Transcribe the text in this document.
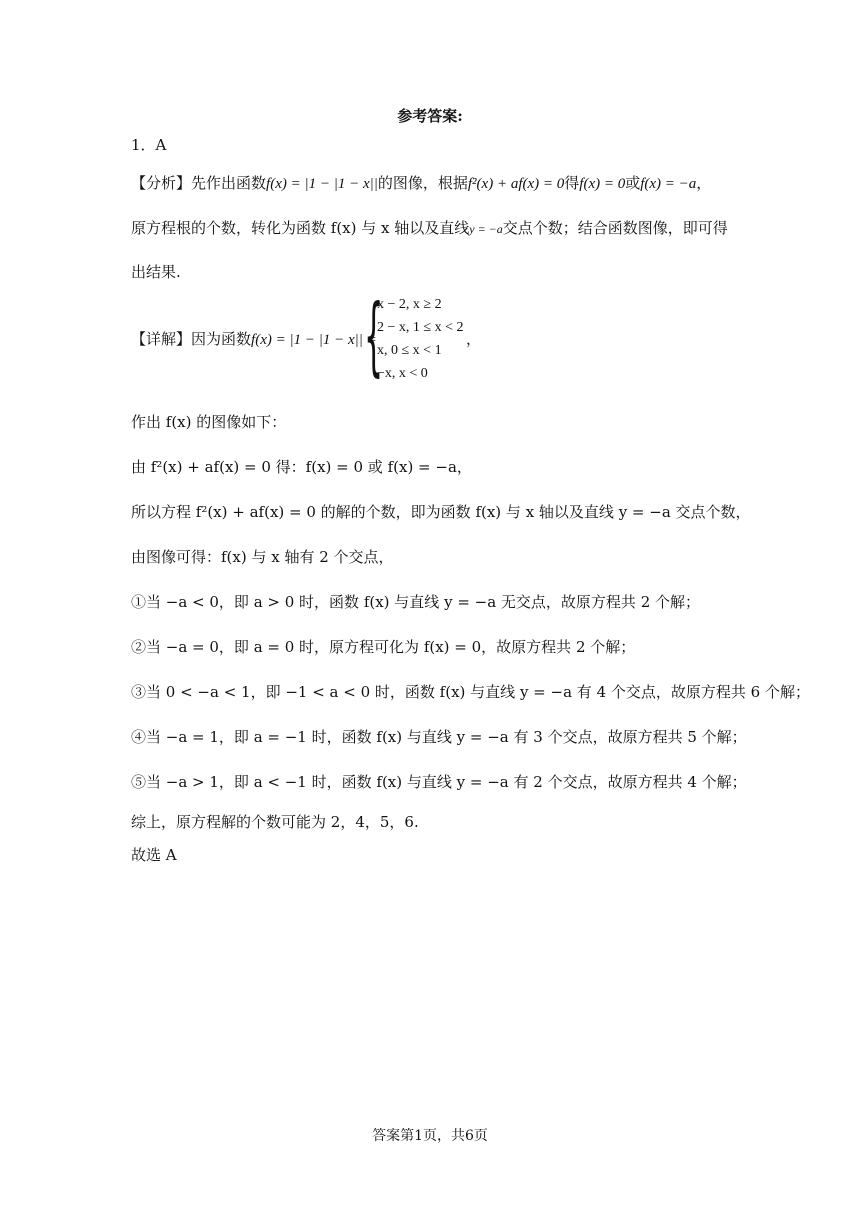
参考答案:
1．A
【分析】先作出函数f(x) = |1 − |1 − x||的图像，根据f²(x) + af(x) = 0得f(x) = 0或f(x) = −a，
原方程根的个数，转化为函数 f(x) 与 x 轴以及直线y = −a交点个数；结合函数图像，即可得
出结果.
【详解】因为函数f(x) = |1 − |1 − x|| =
{
x − 2, x ≥ 2
2 − x, 1 ≤ x < 2
x, 0 ≤ x < 1
−x, x < 0
，
作出 f(x) 的图像如下：
由 f²(x) + af(x) = 0 得：f(x) = 0 或 f(x) = −a，
所以方程 f²(x) + af(x) = 0 的解的个数，即为函数 f(x) 与 x 轴以及直线 y = −a 交点个数，
由图像可得：f(x) 与 x 轴有 2 个交点，
①当 −a < 0，即 a > 0 时，函数 f(x) 与直线 y = −a 无交点，故原方程共 2 个解；
②当 −a = 0，即 a = 0 时，原方程可化为 f(x) = 0，故原方程共 2 个解；
③当 0 < −a < 1，即 −1 < a < 0 时，函数 f(x) 与直线 y = −a 有 4 个交点，故原方程共 6 个解；
④当 −a = 1，即 a = −1 时，函数 f(x) 与直线 y = −a 有 3 个交点，故原方程共 5 个解；
⑤当 −a > 1，即 a < −1 时，函数 f(x) 与直线 y = −a 有 2 个交点，故原方程共 4 个解；
综上，原方程解的个数可能为 2，4，5，6.
故选 A
答案第1页，共6页
